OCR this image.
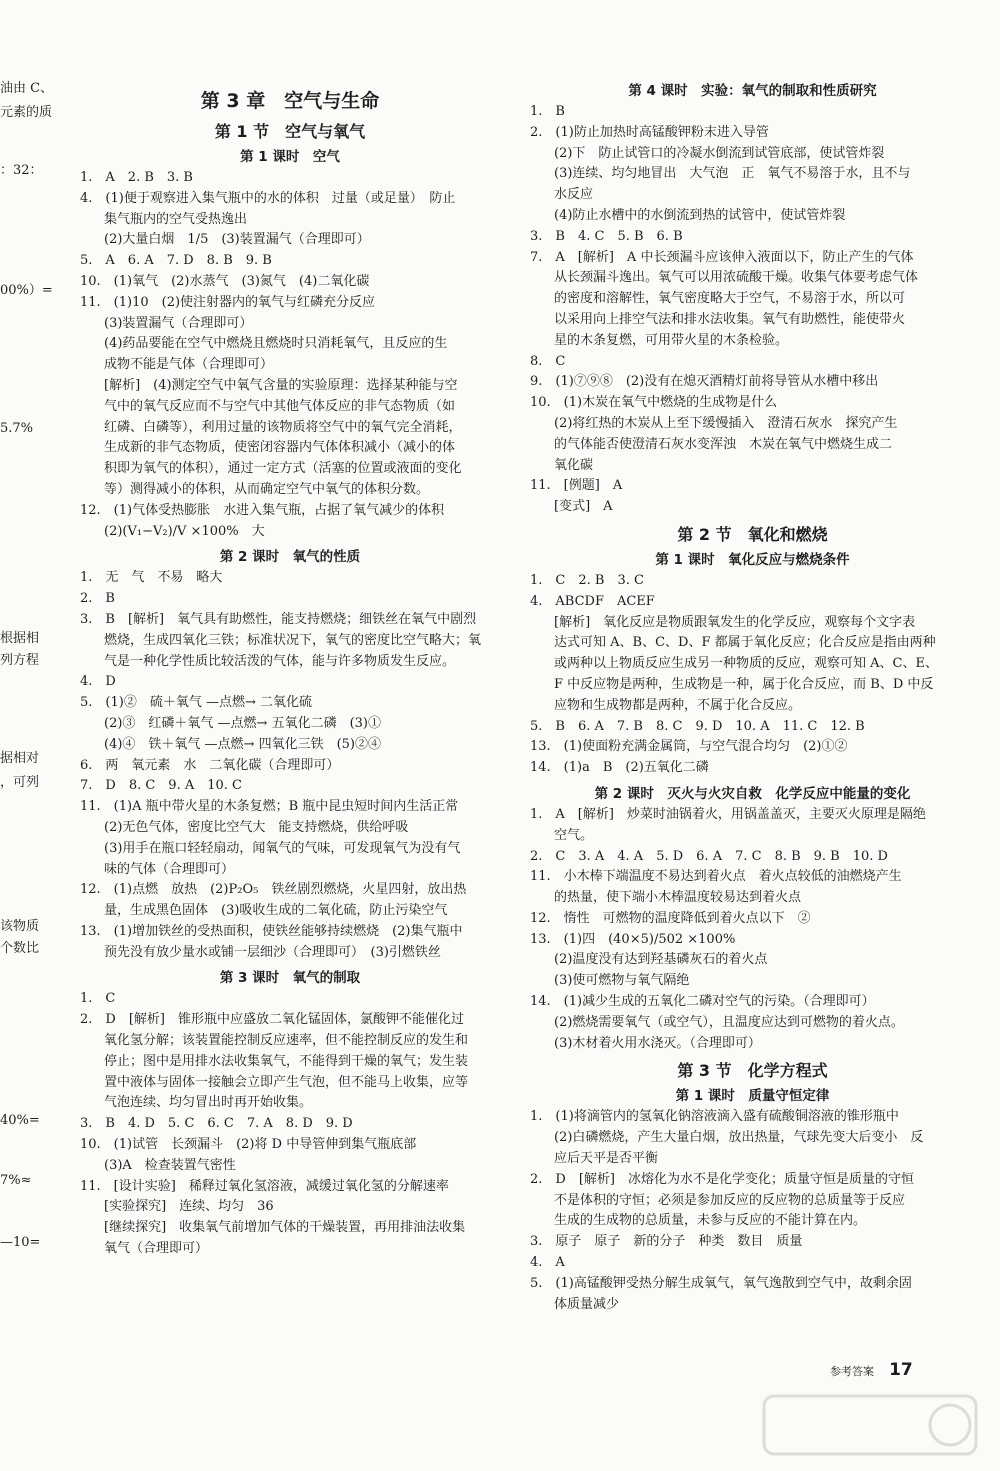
油由 C、
元素的质
：32：
00%）=
5.7%
根据相
列方程
据相对
，可列
该物质
个数比
40%=
7%≈
—10=
第 3 章　空气与生命
第 1 节　空气与氧气
第 1 课时　空气
1.　A　2. B　3. B
4.　(1)便于观察进入集气瓶中的水的体积　过量（或足量）　防止
集气瓶内的空气受热逸出
(2)大量白烟　1/5　(3)装置漏气（合理即可）
5.　A　6. A　7. D　8. B　9. B
10.　(1)氧气　(2)水蒸气　(3)氮气　(4)二氧化碳
11.　(1)10　(2)使注射器内的氧气与红磷充分反应
(3)装置漏气（合理即可）
(4)药品要能在空气中燃烧且燃烧时只消耗氧气，且反应的生
成物不能是气体（合理即可）
[解析]　(4)测定空气中氧气含量的实验原理：选择某种能与空
气中的氧气反应而不与空气中其他气体反应的非气态物质（如
红磷、白磷等），利用过量的该物质将空气中的氧气完全消耗，
生成新的非气态物质，使密闭容器内气体体积减小（减小的体
积即为氧气的体积），通过一定方式（活塞的位置或液面的变化
等）测得减小的体积，从而确定空气中氧气的体积分数。
12.　(1)气体受热膨胀　水进入集气瓶，占据了氧气减少的体积
(2)(V₁−V₂)/V ×100%　大
第 2 课时　氧气的性质
1.　无　气　不易　略大
2.　B
3.　B　[解析]　氧气具有助燃性，能支持燃烧；细铁丝在氧气中剧烈
燃烧，生成四氧化三铁；标准状况下，氧气的密度比空气略大；氧
气是一种化学性质比较活泼的气体，能与许多物质发生反应。
4.　D
5.　(1)②　硫＋氧气 —点燃→ 二氧化硫
(2)③　红磷＋氧气 —点燃→ 五氧化二磷　(3)①
(4)④　铁＋氧气 —点燃→ 四氧化三铁　(5)②④
6.　两　氧元素　水　二氧化碳（合理即可）
7.　D　8. C　9. A　10. C
11.　(1)A 瓶中带火星的木条复燃；B 瓶中昆虫短时间内生活正常
(2)无色气体，密度比空气大　能支持燃烧，供给呼吸
(3)用手在瓶口轻轻扇动，闻氧气的气味，可发现氧气为没有气
味的气体（合理即可）
12.　(1)点燃　放热　(2)P₂O₅　铁丝剧烈燃烧，火星四射，放出热
量，生成黑色固体　(3)吸收生成的二氧化硫，防止污染空气
13.　(1)增加铁丝的受热面积，使铁丝能够持续燃烧　(2)集气瓶中
预先没有放少量水或铺一层细沙（合理即可）　(3)引燃铁丝
第 3 课时　氧气的制取
1.　C
2.　D　[解析]　锥形瓶中应盛放二氧化锰固体，氯酸钾不能催化过
氧化氢分解；该装置能控制反应速率，但不能控制反应的发生和
停止；图中是用排水法收集氧气，不能得到干燥的氧气；发生装
置中液体与固体一接触会立即产生气泡，但不能马上收集，应等
气泡连续、均匀冒出时再开始收集。
3.　B　4. D　5. C　6. C　7. A　8. D　9. D
10.　(1)试管　长颈漏斗　(2)将 D 中导管伸到集气瓶底部
(3)A　检查装置气密性
11.　[设计实验]　稀释过氧化氢溶液，减缓过氧化氢的分解速率
[实验探究]　连续、均匀　36
[继续探究]　收集氧气前增加气体的干燥装置，再用排油法收集
氧气（合理即可）
第 4 课时　实验：氧气的制取和性质研究
1.　B
2.　(1)防止加热时高锰酸钾粉末进入导管
(2)下　防止试管口的冷凝水倒流到试管底部，使试管炸裂
(3)连续、均匀地冒出　大气泡　正　氧气不易溶于水，且不与
水反应
(4)防止水槽中的水倒流到热的试管中，使试管炸裂
3.　B　4. C　5. B　6. B
7.　A　[解析]　A 中长颈漏斗应该伸入液面以下，防止产生的气体
从长颈漏斗逸出。氧气可以用浓硫酸干燥。收集气体要考虑气体
的密度和溶解性，氧气密度略大于空气，不易溶于水，所以可
以采用向上排空气法和排水法收集。氧气有助燃性，能使带火
星的木条复燃，可用带火星的木条检验。
8.　C
9.　(1)⑦⑨⑧　(2)没有在熄灭酒精灯前将导管从水槽中移出
10.　(1)木炭在氧气中燃烧的生成物是什么
(2)将红热的木炭从上至下缓慢插入　澄清石灰水　探究产生
的气体能否使澄清石灰水变浑浊　木炭在氧气中燃烧生成二
氧化碳
11.　[例题]　A
[变式]　A
第 2 节　氧化和燃烧
第 1 课时　氧化反应与燃烧条件
1.　C　2. B　3. C
4.　ABCDF　ACEF
[解析]　氧化反应是物质跟氧发生的化学反应，观察每个文字表
达式可知 A、B、C、D、F 都属于氧化反应；化合反应是指由两种
或两种以上物质反应生成另一种物质的反应，观察可知 A、C、E、
F 中反应物是两种，生成物是一种，属于化合反应，而 B、D 中反
应物和生成物都是两种，不属于化合反应。
5.　B　6. A　7. B　8. C　9. D　10. A　11. C　12. B
13.　(1)使面粉充满金属筒，与空气混合均匀　(2)①②
14.　(1)a　B　(2)五氧化二磷
第 2 课时　灭火与火灾自救　化学反应中能量的变化
1.　A　[解析]　炒菜时油锅着火，用锅盖盖灭，主要灭火原理是隔绝
空气。
2.　C　3. A　4. A　5. D　6. A　7. C　8. B　9. B　10. D
11.　小木棒下端温度不易达到着火点　着火点较低的油燃烧产生
的热量，使下端小木棒温度较易达到着火点
12.　惰性　可燃物的温度降低到着火点以下　②
13.　(1)四　(40×5)/502 ×100%
(2)温度没有达到羟基磷灰石的着火点
(3)使可燃物与氧气隔绝
14.　(1)减少生成的五氧化二磷对空气的污染。（合理即可）
(2)燃烧需要氧气（或空气），且温度应达到可燃物的着火点。
(3)木材着火用水浇灭。（合理即可）
第 3 节　化学方程式
第 1 课时　质量守恒定律
1.　(1)将滴管内的氢氧化钠溶液滴入盛有硫酸铜溶液的锥形瓶中
(2)白磷燃烧，产生大量白烟，放出热量，气球先变大后变小　反
应后天平是否平衡
2.　D　[解析]　冰熔化为水不是化学变化；质量守恒是质量的守恒
不是体积的守恒；必须是参加反应的反应物的总质量等于反应
生成的生成物的总质量，未参与反应的不能计算在内。
3.　原子　原子　新的分子　种类　数目　质量
4.　A
5.　(1)高锰酸钾受热分解生成氧气，氧气逸散到空气中，故剩余固
体质量减少
参考答案 17
